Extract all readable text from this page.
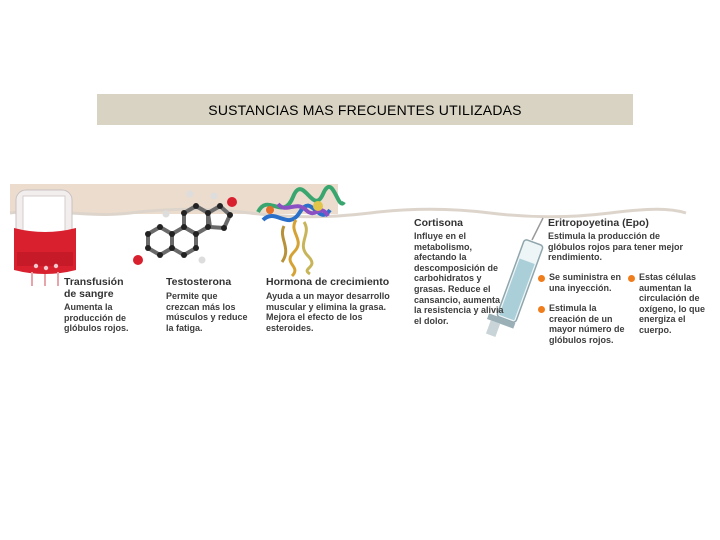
SUSTANCIAS MAS FRECUENTES UTILIZADAS
Transfusión de sangre
Aumenta la producción de glóbulos rojos.
Testosterona
Permite que crezcan más los músculos y reduce la fatiga.
Hormona de crecimiento
Ayuda a un mayor desarrollo muscular y elimina la grasa. Mejora el efecto de los esteroides.
Cortisona
Influye en el metabolismo, afectando la descomposición de carbohidratos y grasas. Reduce el cansancio, aumenta la resistencia y alivia el dolor.
Eritropoyetina (Epo)
Estimula la producción de glóbulos rojos para tener mejor rendimiento.
Se suministra en una inyección.
Estimula la creación de un mayor número de glóbulos rojos.
Estas células aumentan la circulación de oxígeno, lo que energiza el cuerpo.
